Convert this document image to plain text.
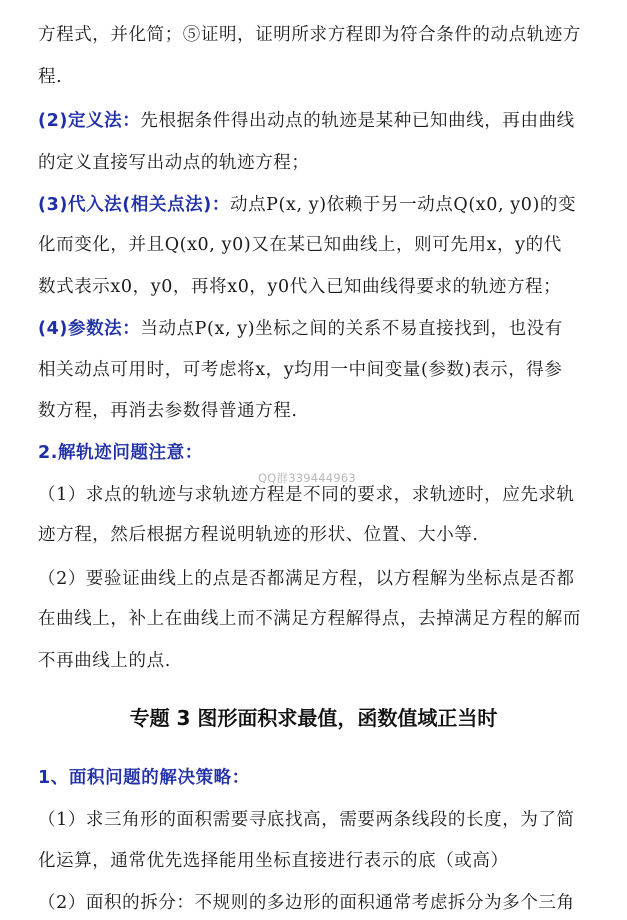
方程式，并化简；⑤证明，证明所求方程即为符合条件的动点轨迹方
程.
(2)定义法：先根据条件得出动点的轨迹是某种已知曲线，再由曲线
的定义直接写出动点的轨迹方程；
(3)代入法(相关点法)：动点P(x, y)依赖于另一动点Q(x0, y0)的变
化而变化，并且Q(x0, y0)又在某已知曲线上，则可先用x，y的代
数式表示x0，y0，再将x0，y0代入已知曲线得要求的轨迹方程；
(4)参数法：当动点P(x, y)坐标之间的关系不易直接找到，也没有
相关动点可用时，可考虑将x，y均用一中间变量(参数)表示，得参
数方程，再消去参数得普通方程.
2.解轨迹问题注意：
QQ群339444963
（1）求点的轨迹与求轨迹方程是不同的要求，求轨迹时，应先求轨
迹方程，然后根据方程说明轨迹的形状、位置、大小等.
（2）要验证曲线上的点是否都满足方程，以方程解为坐标点是否都
在曲线上，补上在曲线上而不满足方程解得点，去掉满足方程的解而
不再曲线上的点.
专题 3 图形面积求最值，函数值域正当时
1、面积问题的解决策略：
（1）求三角形的面积需要寻底找高，需要两条线段的长度，为了简
化运算，通常优先选择能用坐标直接进行表示的底（或高）
（2）面积的拆分：不规则的多边形的面积通常考虑拆分为多个三角
